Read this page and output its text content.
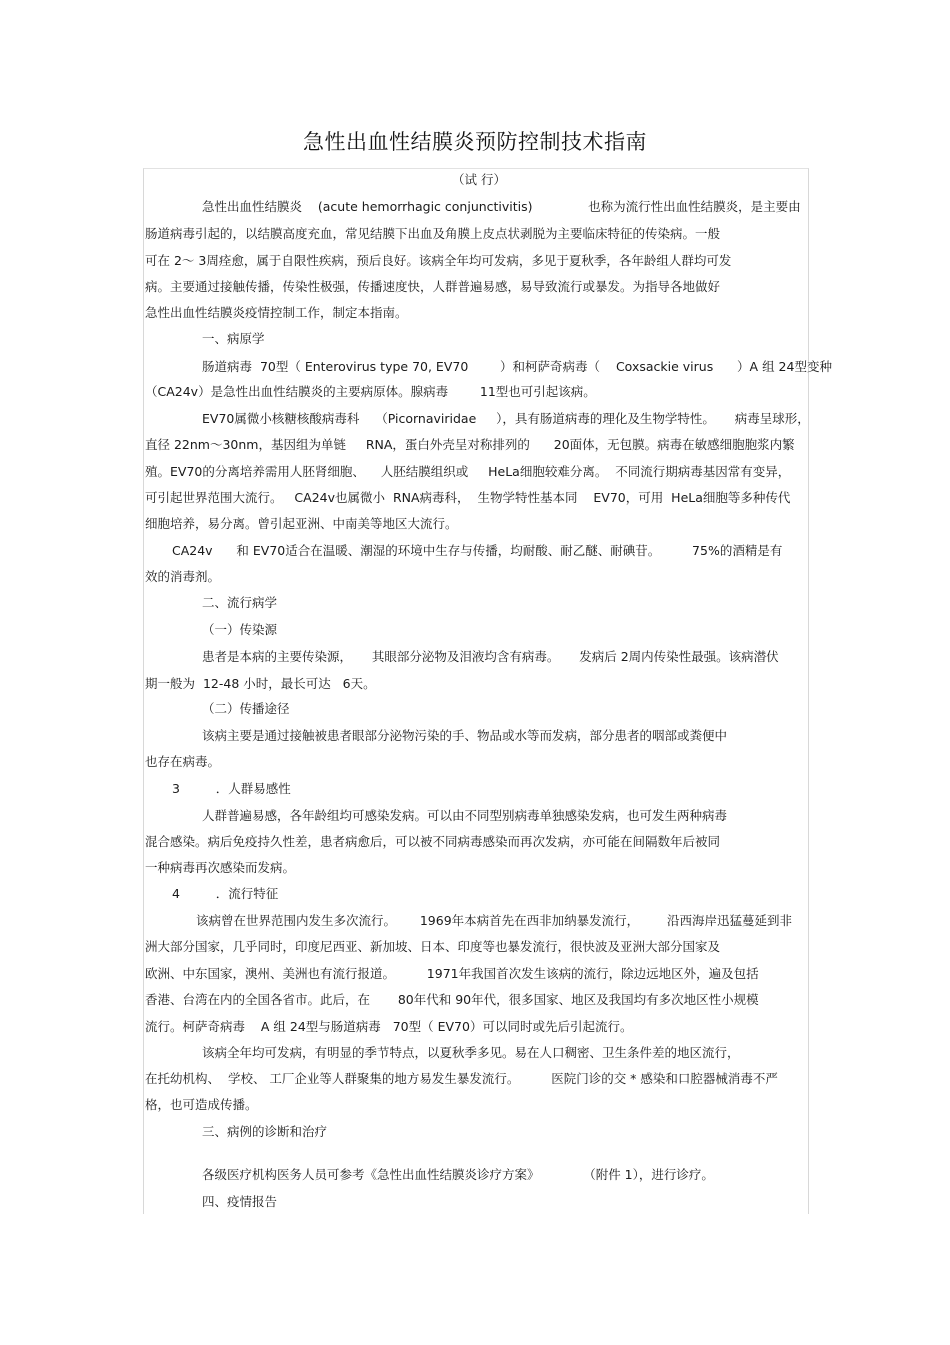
急性出血性结膜炎预防控制技术指南
（试 行）
急性出血性结膜炎    (acute hemorrhagic conjunctivitis)              也称为流行性出血性结膜炎，是主要由
肠道病毒引起的，以结膜高度充血，常见结膜下出血及角膜上皮点状剥脱为主要临床特征的传染病。一般
可在 2～ 3周痊愈，属于自限性疾病，预后良好。该病全年均可发病，多见于夏秋季，各年龄组人群均可发
病。主要通过接触传播，传染性极强，传播速度快，人群普遍易感，易导致流行或暴发。为指导各地做好
急性出血性结膜炎疫情控制工作，制定本指南。
一、病原学
肠道病毒  70型（ Enterovirus type 70, EV70        ）和柯萨奇病毒（    Coxsackie virus      ）A 组 24型变种
（CA24v）是急性出血性结膜炎的主要病原体。腺病毒        11型也可引起该病。
EV70属微小核糖核酸病毒科    （Picornaviridae     ），具有肠道病毒的理化及生物学特性。     病毒呈球形，
直径 22nm～30nm，基因组为单链     RNA，蛋白外壳呈对称排列的      20面体，无包膜。病毒在敏感细胞胞浆内繁
殖。EV70的分离培养需用人胚肾细胞、    人胚结膜组织或     HeLa细胞较难分离。  不同流行期病毒基因常有变异，
可引起世界范围大流行。   CA24v也属微小  RNA病毒科，  生物学特性基本同    EV70，可用  HeLa细胞等多种传代
细胞培养，易分离。曾引起亚洲、中南美等地区大流行。
CA24v      和 EV70适合在温暖、潮湿的环境中生存与传播，均耐酸、耐乙醚、耐碘苷。        75%的酒精是有
效的消毒剂。
二、流行病学
（一）传染源
患者是本病的主要传染源，     其眼部分泌物及泪液均含有病毒。     发病后 2周内传染性最强。该病潜伏
期一般为  12-48 小时，最长可达   6天。
（二）传播途径
该病主要是通过接触被患者眼部分泌物污染的手、物品或水等而发病，部分患者的咽部或粪便中
也存在病毒。
3         ．人群易感性
人群普遍易感，各年龄组均可感染发病。可以由不同型别病毒单独感染发病，也可发生两种病毒
混合感染。病后免疫持久性差，患者病愈后，可以被不同病毒感染而再次发病，亦可能在间隔数年后被同
一种病毒再次感染而发病。
4         ．流行特征
该病曾在世界范围内发生多次流行。      1969年本病首先在西非加纳暴发流行，       沿西海岸迅猛蔓延到非
洲大部分国家，几乎同时，印度尼西亚、新加坡、日本、印度等也暴发流行，很快波及亚洲大部分国家及
欧洲、中东国家，澳州、美洲也有流行报道。        1971年我国首次发生该病的流行，除边远地区外，遍及包括
香港、台湾在内的全国各省市。此后，在       80年代和 90年代，很多国家、地区及我国均有多次地区性小规模
流行。柯萨奇病毒    A 组 24型与肠道病毒   70型（ EV70）可以同时或先后引起流行。
该病全年均可发病，有明显的季节特点，以夏秋季多见。易在人口稠密、卫生条件差的地区流行，
在托幼机构、  学校、 工厂企业等人群聚集的地方易发生暴发流行。        医院门诊的交 * 感染和口腔器械消毒不严
格，也可造成传播。
三、病例的诊断和治疗
各级医疗机构医务人员可参考《急性出血性结膜炎诊疗方案》           （附件 1），进行诊疗。
四、疫情报告
